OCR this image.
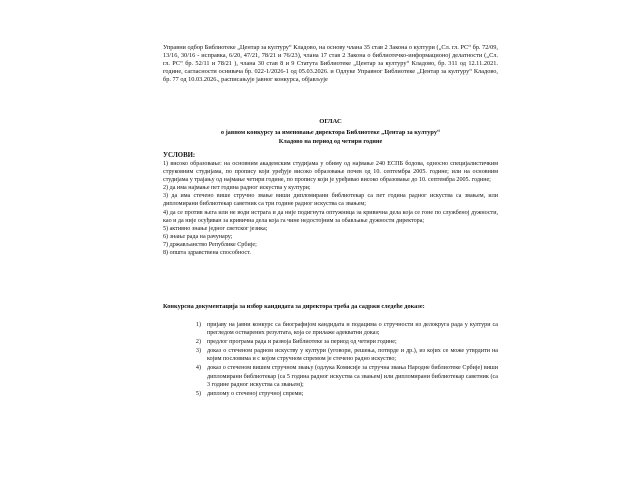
Управни одбор Библиотеке „Центар за културу“ Кладово, на основу члана 35 став 2 Закона о култури („Сл. гл. РС“ бр. 72/09, 13/16, 30/16 - исправка, 6/20, 47/21, 78/21 и 76/23), члана 17 став 2 Закона о библиотечко-информационој делатности („Сл. гл. РС“ бр. 52/11 и 78/21 ), члана 30 став 8 и 9 Статута Библиотеке „Центар за културу“ Кладово, бр. 311 од 12.11.2021. године, сагласности оснивача бр. 022-1/2026-1 од 05.03.2026. и Одлуке Управног Библиотеке „Центар за културу“ Кладово, бр. 77 од 10.03.2026., расписањује јавног конкурса, објављује

ОГЛАС
о јавном конкурсу за именовање директора Библиотеке „Центар за културу“
Кладово на период од четири године
УСЛОВИ:
1) високо образовање: на основним академским студијама у обиму од најмање 240 ЕСПБ бодова, односно специјалистичким струковним студијама, по пропису који уређује високо образовање почев од 10. септембра 2005. године; или на основним студијама у трајању од најмање четири године, по пропису који је уређивао високо образовање до 10. септембра 2005. године;
2) да има најмање пет година радног искуства у култури;
3) да има стечено више стручно звање виши дипломирани библиотекар са пет година радног искуства са звањем, или дипломирани библиотекар саветник са три године радног искуства са звањем;
4) да се против њега или не води истрага и да није подигнута оптужница за кривична дела која се гоне по службеној дужности, као и да није осуђиван за кривична дела која га чине недостојним за обављање дужности директора;
5) активно знање једног светског језика;
6) знање рада на рачунару;
7) држављанство Републике Србије;
8) општа здравствена способност.
Конкурсна документација за избор кандидата за директора треба да садржи следеће доказе:
1) пријаву на јавни конкурс са биографијом кандидата и подацима о стручности из делокруга рада у култури са прегледом остварених резултата, која се прилаже адекватни доказ;
2) предлог програма рада и развоја Библиотеке за период од четири године;
3) доказ о стеченом радном искуству у култури (уговори, решења, потврде и др.), из којих се може утврдити на којим пословима и с којом стручном спремом је стечено радно искуство;
4) доказ о стеченом вишем стручном звању (одлука Комисије за стручна звања Народне библиотеке Србије) виши дипломирани библиотекар (са 5 година радног искуства са звањем) или дипломирани библиотекар саветник (са 3 године радног искуства са звањем);
5) диплому о стеченој стручној спреми;
